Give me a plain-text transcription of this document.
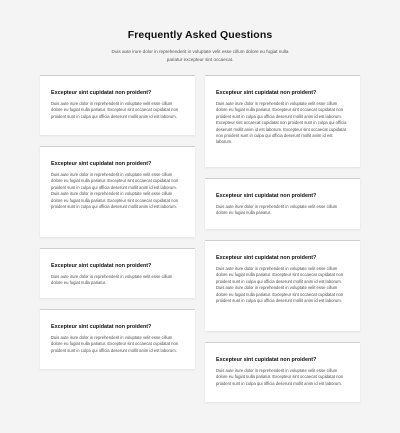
Frequently Asked Questions
Duis aute irure dolor in reprehenderit in voluptate velit esse cillum dolore eu fugiat nulla pariatur excepteur sint occaecat.
Excepteur sint cupidatat non proident?
Duis aute irure dolor in reprehenderit in voluptate velit esse cillum dolore eu fugiat nulla pariatur. Excepteur sint occaecat cupidatat non proident sunt in culpa qui officia deserunt mollit anim id est laborum.
Excepteur sint cupidatat non proident?
Duis aute irure dolor in reprehenderit in voluptate velit esse cillum dolore eu fugiat nulla pariatur. Excepteur sint occaecat cupidatat non proident sunt in culpa qui officia deserunt mollit anim id est laborum. Duis aute irure dolor in reprehenderit in voluptate velit esse cillum dolore eu fugiat nulla pariatur. Excepteur sint occaecat cupidatat non proident sunt in culpa qui officia deserunt mollit anim id est laborum.
Excepteur sint cupidatat non proident?
Duis aute irure dolor in reprehenderit in voluptate velit esse cillum dolore eu fugiat nulla pariatur.
Excepteur sint cupidatat non proident?
Duis aute irure dolor in reprehenderit in voluptate velit esse cillum dolore eu fugiat nulla pariatur. Excepteur sint occaecat cupidatat non proident sunt in culpa qui officia deserunt mollit anim id est laborum.
Excepteur sint cupidatat non proident?
Duis aute irure dolor in reprehenderit in voluptate velit esse cillum dolore eu fugiat nulla pariatur. Excepteur sint occaecat cupidatat non proident sunt in culpa qui officia deserunt mollit anim id est laborum. Excepteur sint occaecat cupidatat non proident sunt in culpa qui officia deserunt mollit anim id est laborum. Excepteur sint occaecat cupidatat non proident sunt in culpa qui officia deserunt mollit anim id est laborum.
Excepteur sint cupidatat non proident?
Duis aute irure dolor in reprehenderit in voluptate velit esse cillum dolore eu fugiat nulla pariatur.
Excepteur sint cupidatat non proident?
Duis aute irure dolor in reprehenderit in voluptate velit esse cillum dolore eu fugiat nulla pariatur. Excepteur sint occaecat cupidatat non proident sunt in culpa qui officia deserunt mollit anim id est laborum. Duis aute irure dolor in reprehenderit in voluptate velit esse cillum dolore eu fugiat nulla pariatur. Excepteur sint occaecat cupidatat non proident sunt in culpa qui officia deserunt mollit anim id est laborum.
Excepteur sint cupidatat non proident?
Duis aute irure dolor in reprehenderit in voluptate velit esse cillum dolore eu fugiat nulla pariatur. Excepteur sint occaecat cupidatat non proident sunt in culpa qui officia deserunt mollit anim id est laborum.
